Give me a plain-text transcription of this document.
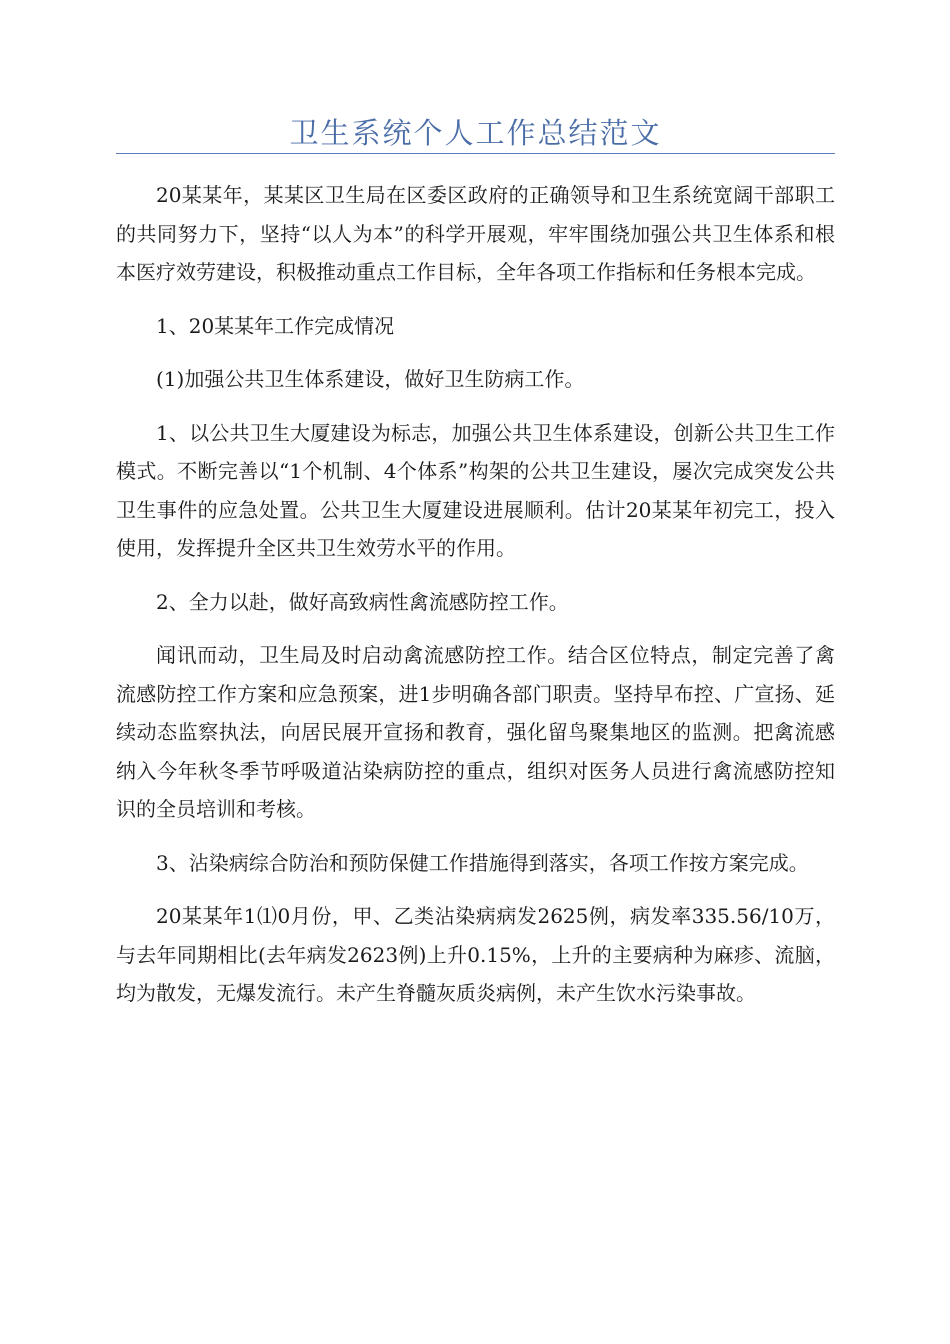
卫生系统个人工作总结范文

20某某年，某某区卫生局在区委区政府的正确领导和卫生系统宽阔干部职工的共同努力下，坚持“以人为本”的科学开展观，牢牢围绕加强公共卫生体系和根本医疗效劳建设，积极推动重点工作目标，全年各项工作指标和任务根本完成。

1、20某某年工作完成情况

(1)加强公共卫生体系建设，做好卫生防病工作。

1、以公共卫生大厦建设为标志，加强公共卫生体系建设，创新公共卫生工作模式。不断完善以“1个机制、4个体系”构架的公共卫生建设，屡次完成突发公共卫生事件的应急处置。公共卫生大厦建设进展顺利。估计20某某年初完工，投入使用，发挥提升全区共卫生效劳水平的作用。

2、全力以赴，做好高致病性禽流感防控工作。

闻讯而动，卫生局及时启动禽流感防控工作。结合区位特点，制定完善了禽流感防控工作方案和应急预案，进1步明确各部门职责。坚持早布控、广宣扬、延续动态监察执法，向居民展开宣扬和教育，强化留鸟聚集地区的监测。把禽流感纳入今年秋冬季节呼吸道沾染病防控的重点，组织对医务人员进行禽流感防控知识的全员培训和考核。

3、沾染病综合防治和预防保健工作措施得到落实，各项工作按方案完成。

20某某年1⑴0月份，甲、乙类沾染病病发2625例，病发率335.56/10万，与去年同期相比(去年病发2623例)上升0.15%，上升的主要病种为麻疹、流脑，均为散发，无爆发流行。未产生脊髓灰质炎病例，未产生饮水污染事故。
